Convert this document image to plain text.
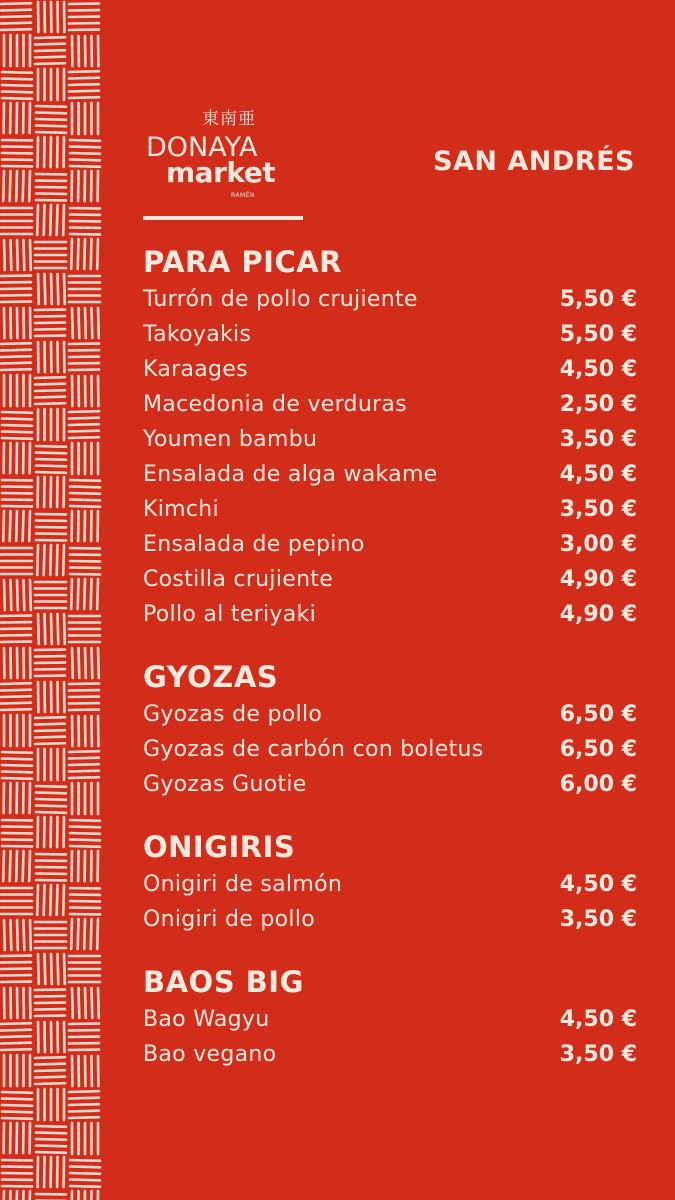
東南亜
DONAYA
market
RAMÉN
SAN ANDRÉS
PARA PICAR
Turrón de pollo crujiente	5,50 €
Takoyakis	5,50 €
Karaages	4,50 €
Macedonia de verduras	2,50 €
Youmen bambu	3,50 €
Ensalada de alga wakame	4,50 €
Kimchi	3,50 €
Ensalada de pepino	3,00 €
Costilla crujiente	4,90 €
Pollo al teriyaki	4,90 €
GYOZAS
Gyozas de pollo	6,50 €
Gyozas de carbón con boletus	6,50 €
Gyozas Guotie	6,00 €
ONIGIRIS
Onigiri de salmón	4,50 €
Onigiri de pollo	3,50 €
BAOS BIG
Bao Wagyu	4,50 €
Bao vegano	3,50 €
